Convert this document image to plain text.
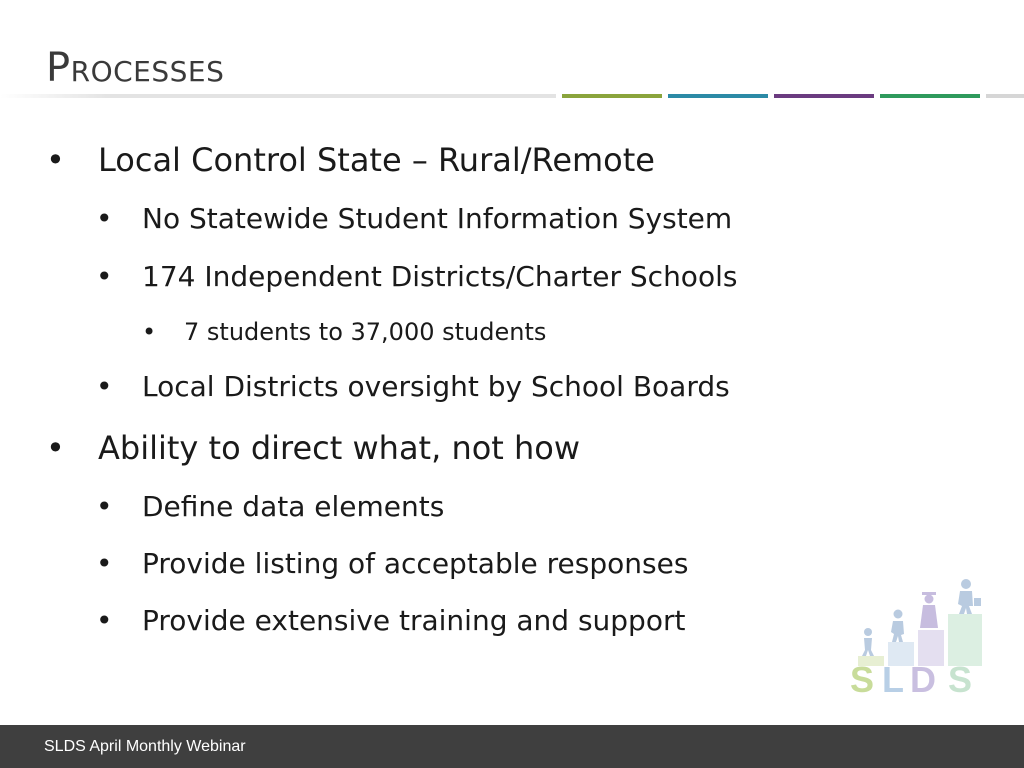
Processes
• Local Control State – Rural/Remote
• No Statewide Student Information System
• 174 Independent Districts/Charter Schools
• 7 students to 37,000 students
• Local Districts oversight by School Boards
• Ability to direct what, not how
• Define data elements
• Provide listing of acceptable responses
• Provide extensive training and support
S L D S
SLDS April Monthly Webinar
